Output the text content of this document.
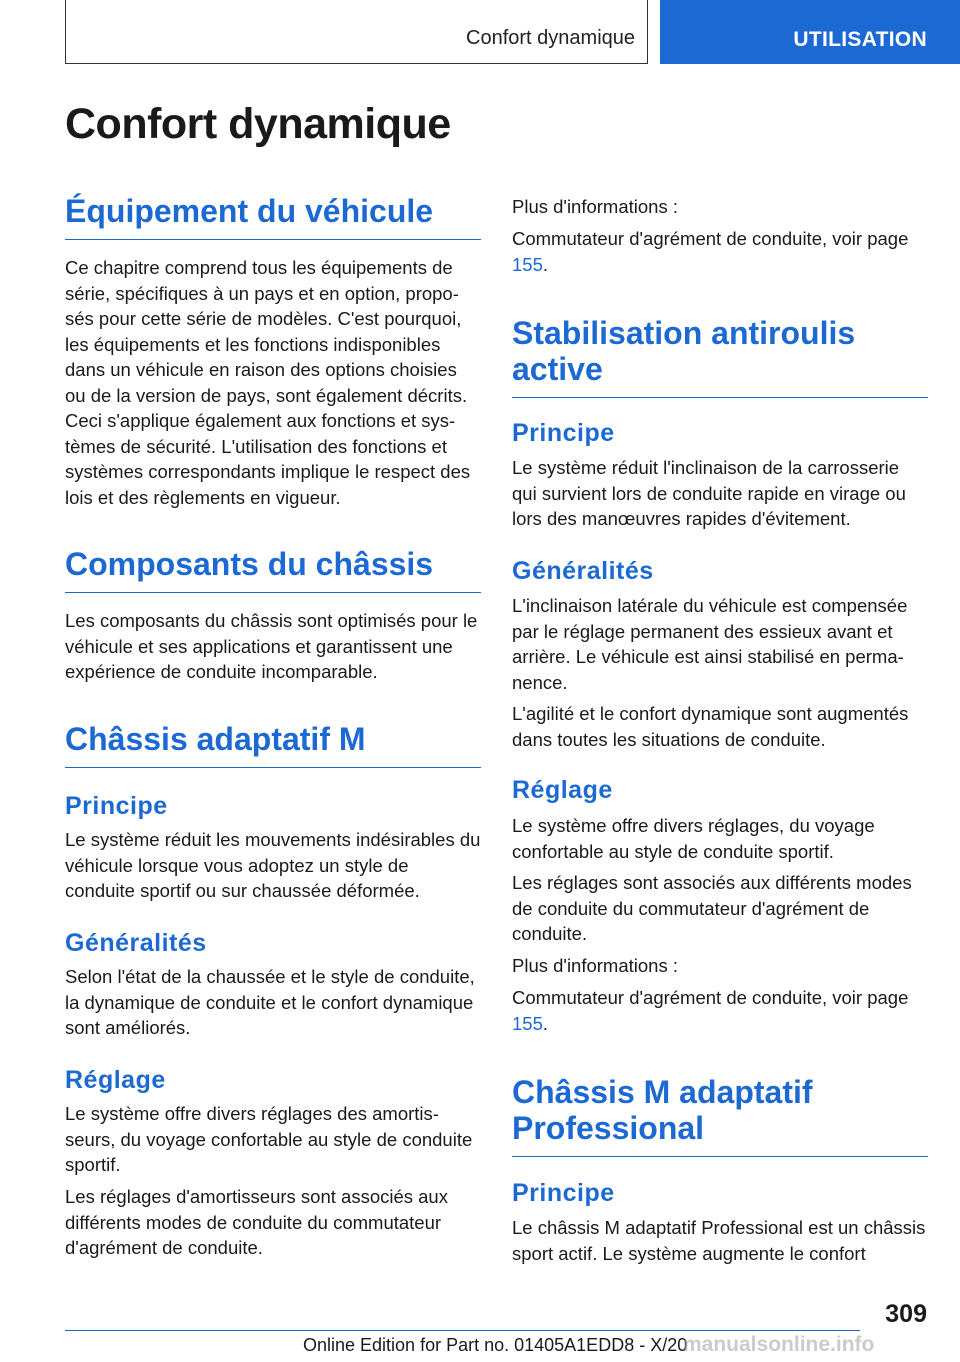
Confort dynamique	UTILISATION
Confort dynamique
Équipement du véhicule

Ce chapitre comprend tous les équipements de série, spécifiques à un pays et en option, proposés pour cette série de modèles. C'est pourquoi, les équipements et les fonctions indisponibles dans un véhicule en raison des options choisies ou de la version de pays, sont également décrits. Ceci s'applique également aux fonctions et systèmes de sécurité. L'utilisation des fonctions et systèmes correspondants implique le respect des lois et des règlements en vigueur.

Composants du châssis

Les composants du châssis sont optimisés pour le véhicule et ses applications et garantissent une expérience de conduite incomparable.

Châssis adaptatif M
Principe

Le système réduit les mouvements indésirables du véhicule lorsque vous adoptez un style de conduite sportif ou sur chaussée déformée.

Généralités

Selon l'état de la chaussée et le style de conduite, la dynamique de conduite et le confort dynamique sont améliorés.

Réglage

Le système offre divers réglages des amortisseurs, du voyage confortable au style de conduite sportif.

Les réglages d'amortisseurs sont associés aux différents modes de conduite du commutateur d'agrément de conduite.

Plus d'informations :

Commutateur d'agrément de conduite, voir page 155.

Stabilisation antiroulis active
Principe

Le système réduit l'inclinaison de la carrosserie qui survient lors de conduite rapide en virage ou lors des manœuvres rapides d'évitement.

Généralités

L'inclinaison latérale du véhicule est compensée par le réglage permanent des essieux avant et arrière. Le véhicule est ainsi stabilisé en permanence.

L'agilité et le confort dynamique sont augmentés dans toutes les situations de conduite.

Réglage

Le système offre divers réglages, du voyage confortable au style de conduite sportif.

Les réglages sont associés aux différents modes de conduite du commutateur d'agrément de conduite.

Plus d'informations :

Commutateur d'agrément de conduite, voir page 155.

Châssis M adaptatif Professional
Principe

Le châssis M adaptatif Professional est un châssis sport actif. Le système augmente le confort

309
Online Edition for Part no. 01405A1EDD8 - X/20
manualsonline.info
